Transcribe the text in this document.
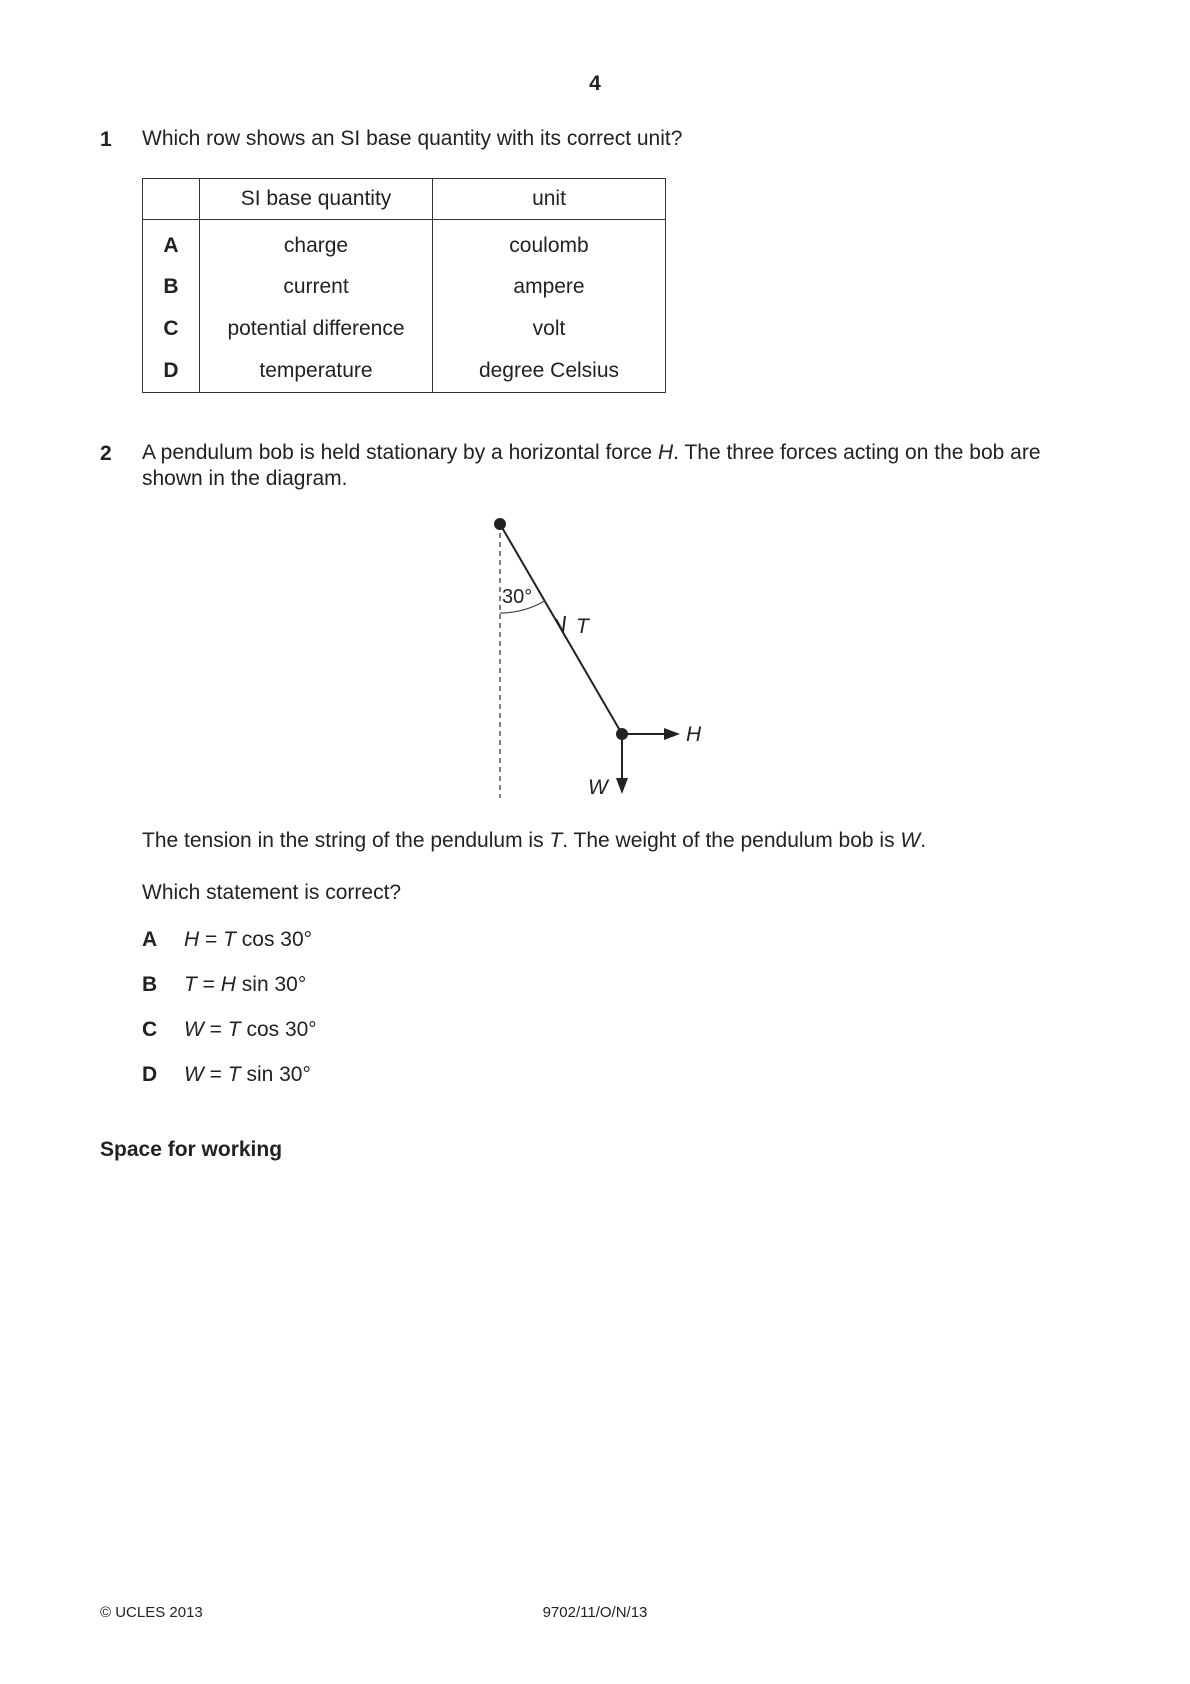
4
1 Which row shows an SI base quantity with its correct unit?
	SI base quantity	unit
A	charge	coulomb
B	current	ampere
C	potential difference	volt
D	temperature	degree Celsius
2 A pendulum bob is held stationary by a horizontal force H. The three forces acting on the bob are shown in the diagram.
30°
T
H
W
The tension in the string of the pendulum is T. The weight of the pendulum bob is W.
Which statement is correct?
A H = T cos 30°
B T = H sin 30°
C W = T cos 30°
D W = T sin 30°
Space for working
© UCLES 2013	9702/11/O/N/13
